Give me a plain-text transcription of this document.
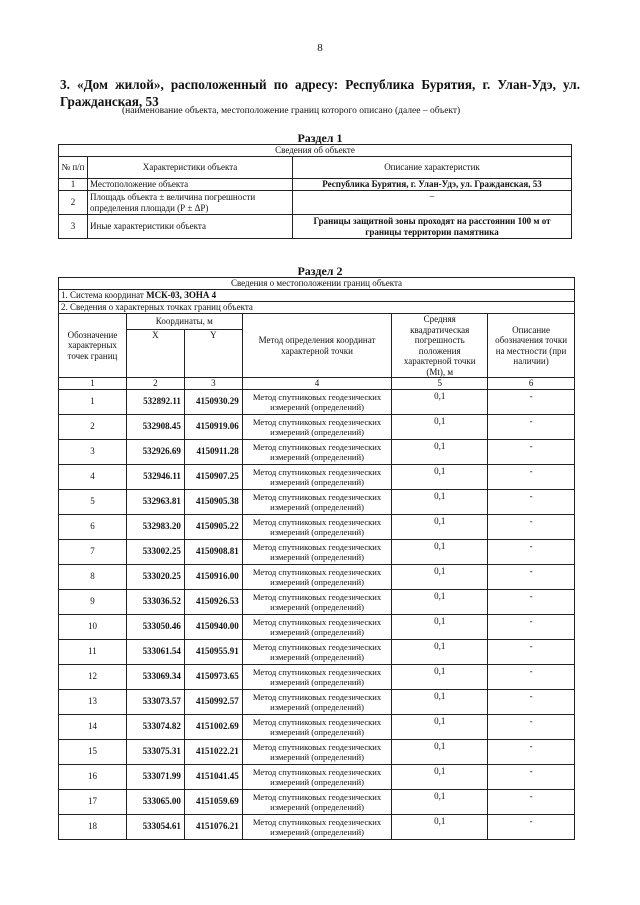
8
3. «Дом жилой», расположенный по адресу: Республика Бурятия, г. Улан-Удэ, ул. Гражданская, 53
(наименование объекта, местоположение границ которого описано (далее – объект)
Раздел 1
Сведения об объекте		
№ п/п	Характеристики объекта	Описание характеристик
1	Местоположение объекта	Республика Бурятия, г. Улан-Удэ, ул. Гражданская, 53
2	Площадь объекта ± величина погрешности определения площади (Р ± ΔР)	–
3	Иные характеристики объекта	Границы защитной зоны проходят на расстоянии 100 м от границы территории памятника
Раздел 2
Сведения о местоположении границ объекта					
1. Система координат МСК-03, ЗОНА 4					
2. Сведения о характерных точках границ объекта					
Обозначение характерных точек границ	Координаты, м		Метод определения координат характерной точки	Средняя квадратическая погрешность положения характерной точки (Mt), м	Описание обозначения точки на местности (при наличии)
	X	Y			
1	2	3	4	5	6
1	532892.11	4150930.29	Метод спутниковых геодезических измерений (определений)	0,1	-
2	532908.45	4150919.06	Метод спутниковых геодезических измерений (определений)	0,1	-
3	532926.69	4150911.28	Метод спутниковых геодезических измерений (определений)	0,1	-
4	532946.11	4150907.25	Метод спутниковых геодезических измерений (определений)	0,1	-
5	532963.81	4150905.38	Метод спутниковых геодезических измерений (определений)	0,1	-
6	532983.20	4150905.22	Метод спутниковых геодезических измерений (определений)	0,1	-
7	533002.25	4150908.81	Метод спутниковых геодезических измерений (определений)	0,1	-
8	533020.25	4150916.00	Метод спутниковых геодезических измерений (определений)	0,1	-
9	533036.52	4150926.53	Метод спутниковых геодезических измерений (определений)	0,1	-
10	533050.46	4150940.00	Метод спутниковых геодезических измерений (определений)	0,1	-
11	533061.54	4150955.91	Метод спутниковых геодезических измерений (определений)	0,1	-
12	533069.34	4150973.65	Метод спутниковых геодезических измерений (определений)	0,1	-
13	533073.57	4150992.57	Метод спутниковых геодезических измерений (определений)	0,1	-
14	533074.82	4151002.69	Метод спутниковых геодезических измерений (определений)	0,1	-
15	533075.31	4151022.21	Метод спутниковых геодезических измерений (определений)	0,1	-
16	533071.99	4151041.45	Метод спутниковых геодезических измерений (определений)	0,1	-
17	533065.00	4151059.69	Метод спутниковых геодезических измерений (определений)	0,1	-
18	533054.61	4151076.21	Метод спутниковых геодезических измерений (определений)	0,1	-
